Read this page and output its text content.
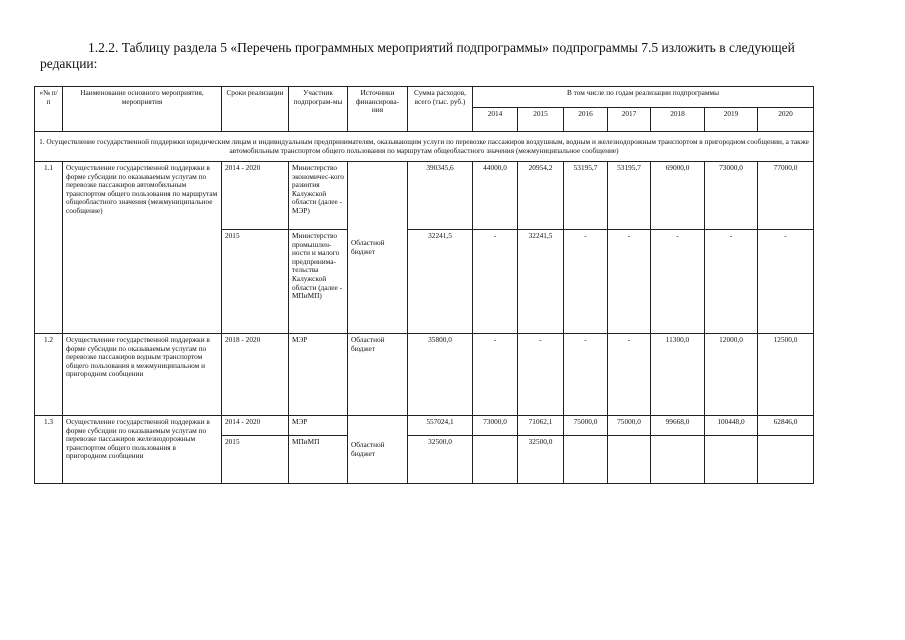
1.2.2. Таблицу раздела 5 «Перечень программных мероприятий подпрограммы» подпрограммы 7.5 изложить в следующей
редакции:
«№ п/п	Наименование основного мероприятия, мероприятия	Сроки реализации	Участник подпрограм-мы	Источники финансирова-ния	Сумма расходов, всего (тыс. руб.)	В том числе по годам реализации подпрограммы						
						2014	2015	2016	2017	2018	2019	2020
1. Осуществление государственной поддержки юридическим лицам и индивидуальным предпринимателям, оказывающим услуги по перевозке пассажиров воздушным, водным и железнодорожным транспортом в пригородном сообщении, а также автомобильным транспортом общего пользования по маршрутам общеобластного значения (межмуниципальное сообщение)												
1.1	Осуществление государственной поддержки в форме субсидии по оказываемым услугам по перевозке пассажиров автомобильным транспортом общего пользования по маршрутам общеобластного значения (межмуниципальное сообщение)	2014 - 2020	Министерство экономичес-кого развития Калужской области (далее - МЭР)	Областной бюджет	390345,6	44000,0	20954,2	53195,7	53195,7	69000,0	73000,0	77000,0
		2015	Министерство промышлен-ности и малого предпринима-тельства Калужской области (далее - МПиМП)		32241,5	-	32241,5	-	-	-	-	-
1.2	Осуществление государственной поддержки в форме субсидии по оказываемым услугам по перевозке пассажиров водным транспортом общего пользования в межмуниципальном и пригородном сообщении	2018 - 2020	МЭР	Областной бюджет	35800,0	-	-	-	-	11300,0	12000,0	12500,0
1.3	Осуществление государственной поддержки в форме субсидии по оказываемым услугам по перевозке пассажиров железнодорожным транспортом общего пользования в пригородном сообщении	2014 - 2020	МЭР	Областной бюджет	557024,1	73000,0	71062,1	75000,0	75000,0	99668,0	100448,0	62846,0
		2015	МПиМП		32500,0		32500,0					
